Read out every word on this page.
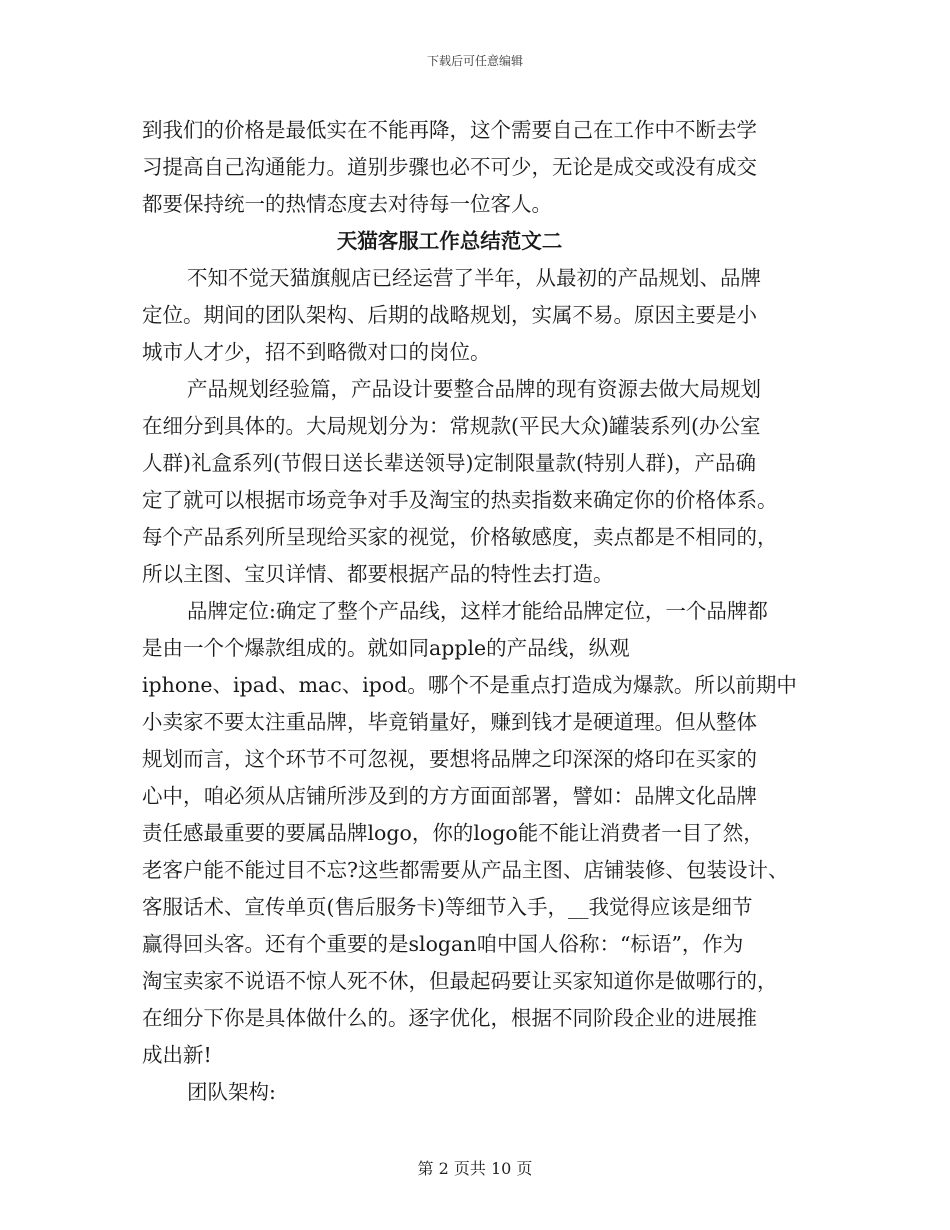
下载后可任意编辑
到我们的价格是最低实在不能再降，这个需要自己在工作中不断去学
习提高自己沟通能力。道别步骤也必不可少，无论是成交或没有成交
都要保持统一的热情态度去对待每一位客人。
天猫客服工作总结范文二
不知不觉天猫旗舰店已经运营了半年，从最初的产品规划、品牌
定位。期间的团队架构、后期的战略规划，实属不易。原因主要是小
城市人才少，招不到略微对口的岗位。
产品规划经验篇，产品设计要整合品牌的现有资源去做大局规划
在细分到具体的。大局规划分为：常规款(平民大众)罐装系列(办公室
人群)礼盒系列(节假日送长辈送领导)定制限量款(特别人群)，产品确
定了就可以根据市场竞争对手及淘宝的热卖指数来确定你的价格体系。
每个产品系列所呈现给买家的视觉，价格敏感度，卖点都是不相同的，
所以主图、宝贝详情、都要根据产品的特性去打造。
品牌定位:确定了整个产品线，这样才能给品牌定位，一个品牌都
是由一个个爆款组成的。就如同apple的产品线，纵观
iphone、ipad、mac、ipod。哪个不是重点打造成为爆款。所以前期中
小卖家不要太注重品牌，毕竟销量好，赚到钱才是硬道理。但从整体
规划而言，这个环节不可忽视，要想将品牌之印深深的烙印在买家的
心中，咱必须从店铺所涉及到的方方面面部署，譬如：品牌文化品牌
责任感最重要的要属品牌logo，你的logo能不能让消费者一目了然，
老客户能不能过目不忘?这些都需要从产品主图、店铺装修、包装设计、
客服话术、宣传单页(售后服务卡)等细节入手，__我觉得应该是细节
赢得回头客。还有个重要的是slogan咱中国人俗称：“标语”，作为
淘宝卖家不说语不惊人死不休，但最起码要让买家知道你是做哪行的，
在细分下你是具体做什么的。逐字优化，根据不同阶段企业的进展推
成出新!
团队架构:
第 2 页共 10 页
